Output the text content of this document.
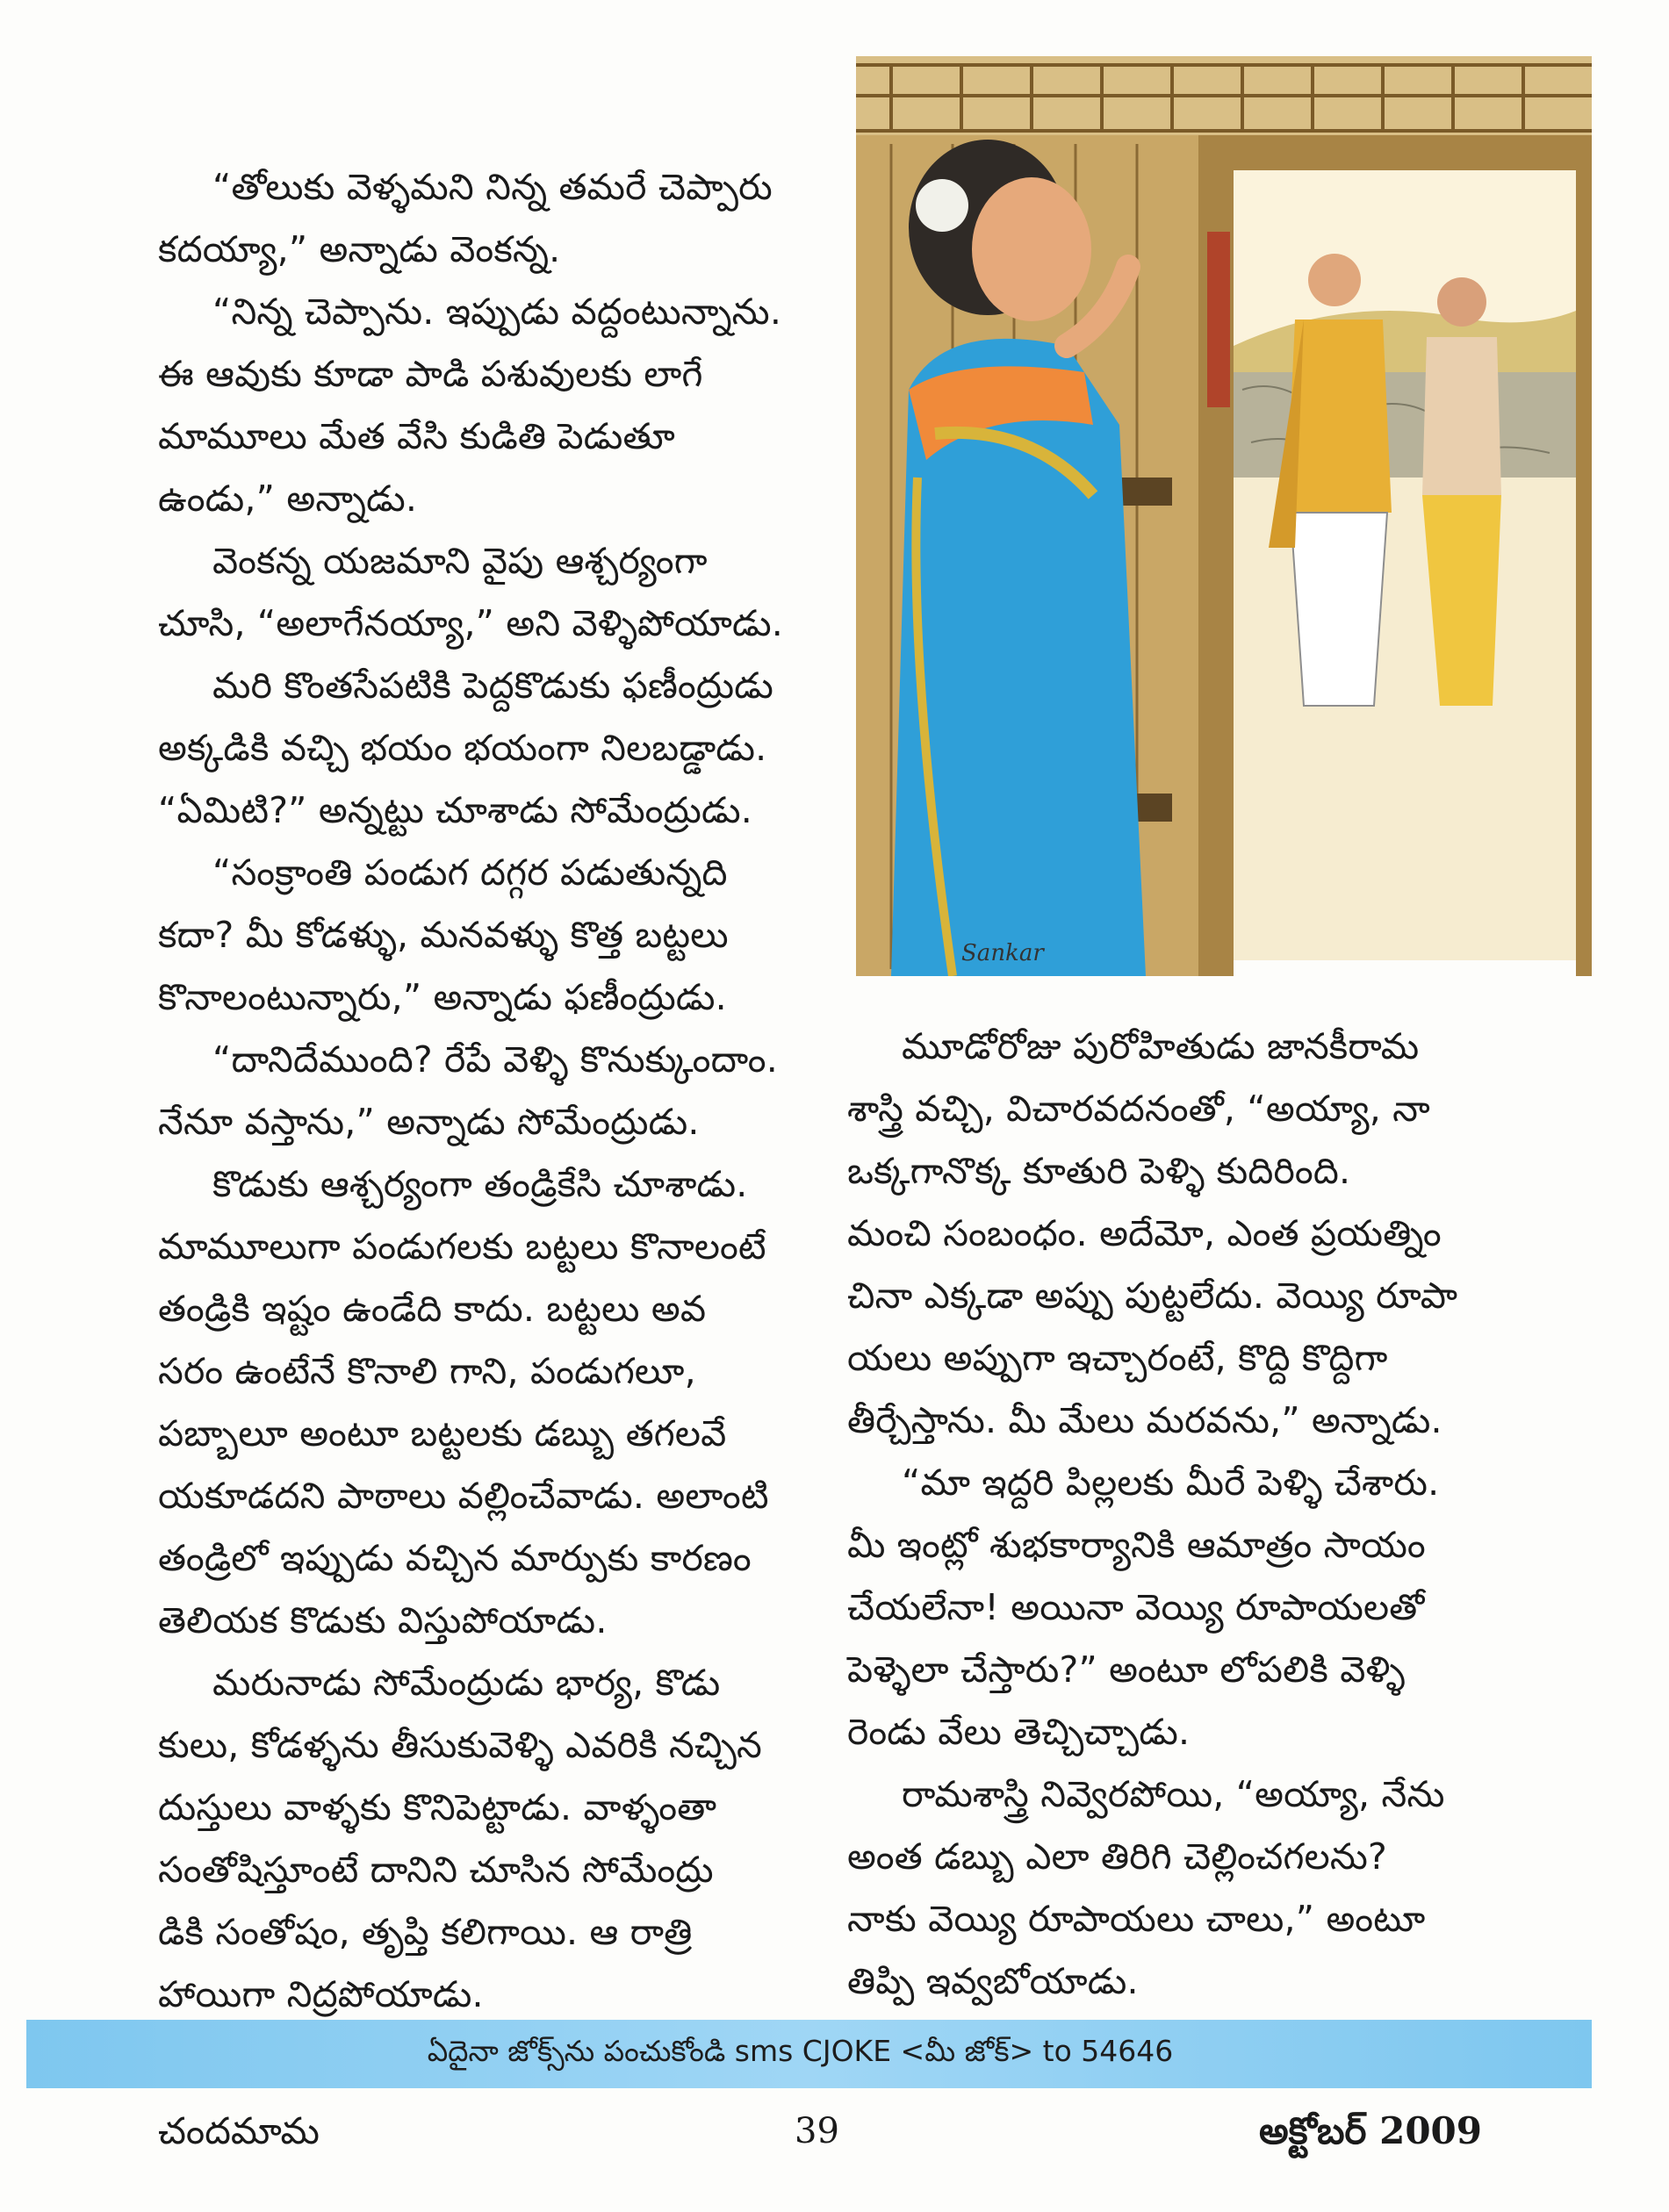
“తోలుకు వెళ్ళమని నిన్న తమరే చెప్పారు

కదయ్యా,” అన్నాడు వెంకన్న.

“నిన్న చెప్పాను. ఇప్పుడు వద్దంటున్నాను.

ఈ ఆవుకు కూడా పాడి పశువులకు లాగే

మామూలు మేత వేసి కుడితి పెడుతూ

ఉండు,” అన్నాడు.

వెంకన్న యజమాని వైపు ఆశ్చర్యంగా

చూసి, “అలాగేనయ్యా,” అని వెళ్ళిపోయాడు.

మరి కొంతసేపటికి పెద్దకొడుకు ఫణీంద్రుడు

అక్కడికి వచ్చి భయం భయంగా నిలబడ్డాడు.

“ఏమిటి?” అన్నట్టు చూశాడు సోమేంద్రుడు.

“సంక్రాంతి పండుగ దగ్గర పడుతున్నది

కదా? మీ కోడళ్ళు, మనవళ్ళు కొత్త బట్టలు

కొనాలంటున్నారు,” అన్నాడు ఫణీంద్రుడు.

“దానిదేముంది? రేపే వెళ్ళి కొనుక్కుందాం.

నేనూ వస్తాను,” అన్నాడు సోమేంద్రుడు.

కొడుకు ఆశ్చర్యంగా తండ్రికేసి చూశాడు.

మామూలుగా పండుగలకు బట్టలు కొనాలంటే

తండ్రికి ఇష్టం ఉండేది కాదు. బట్టలు అవ

సరం ఉంటేనే కొనాలి గాని, పండుగలూ,

పబ్బాలూ అంటూ బట్టలకు డబ్బు తగలవే

యకూడదని పాఠాలు వల్లించేవాడు. అలాంటి

తండ్రిలో ఇప్పుడు వచ్చిన మార్పుకు కారణం

తెలియక కొడుకు విస్తుపోయాడు.

మరునాడు సోమేంద్రుడు భార్య, కొడు

కులు, కోడళ్ళను తీసుకువెళ్ళి ఎవరికి నచ్చిన

దుస్తులు వాళ్ళకు కొనిపెట్టాడు. వాళ్ళంతా

సంతోషిస్తూంటే దానిని చూసిన సోమేంద్రు

డికి సంతోషం, తృప్తి కలిగాయి. ఆ రాత్రి

హాయిగా నిద్రపోయాడు.

Sankar

మూడోరోజు పురోహితుడు జానకీరామ

శాస్త్రి వచ్చి, విచారవదనంతో, “అయ్యా, నా

ఒక్కగానొక్క కూతురి పెళ్ళి కుదిరింది.

మంచి సంబంధం. అదేమో, ఎంత ప్రయత్నిం

చినా ఎక్కడా అప్పు పుట్టలేదు. వెయ్యి రూపా

యలు అప్పుగా ఇచ్చారంటే, కొద్ది కొద్దిగా

తీర్చేస్తాను. మీ మేలు మరవను,” అన్నాడు.

“మా ఇద్దరి పిల్లలకు మీరే పెళ్ళి చేశారు.

మీ ఇంట్లో శుభకార్యానికి ఆమాత్రం సాయం

చేయలేనా! అయినా వెయ్యి రూపాయలతో

పెళ్ళెలా చేస్తారు?” అంటూ లోపలికి వెళ్ళి

రెండు వేలు తెచ్చిచ్చాడు.

రామశాస్త్రి నివ్వెరపోయి, “అయ్యా, నేను

అంత డబ్బు ఎలా తిరిగి చెల్లించగలను?

నాకు వెయ్యి రూపాయలు చాలు,” అంటూ

తిప్పి ఇవ్వబోయాడు.

ఏదైనా జోక్స్‌ను పంచుకోండి sms CJOKE <మీ జోక్> to 54646
చందమామ	39	అక్టోబర్ 2009
